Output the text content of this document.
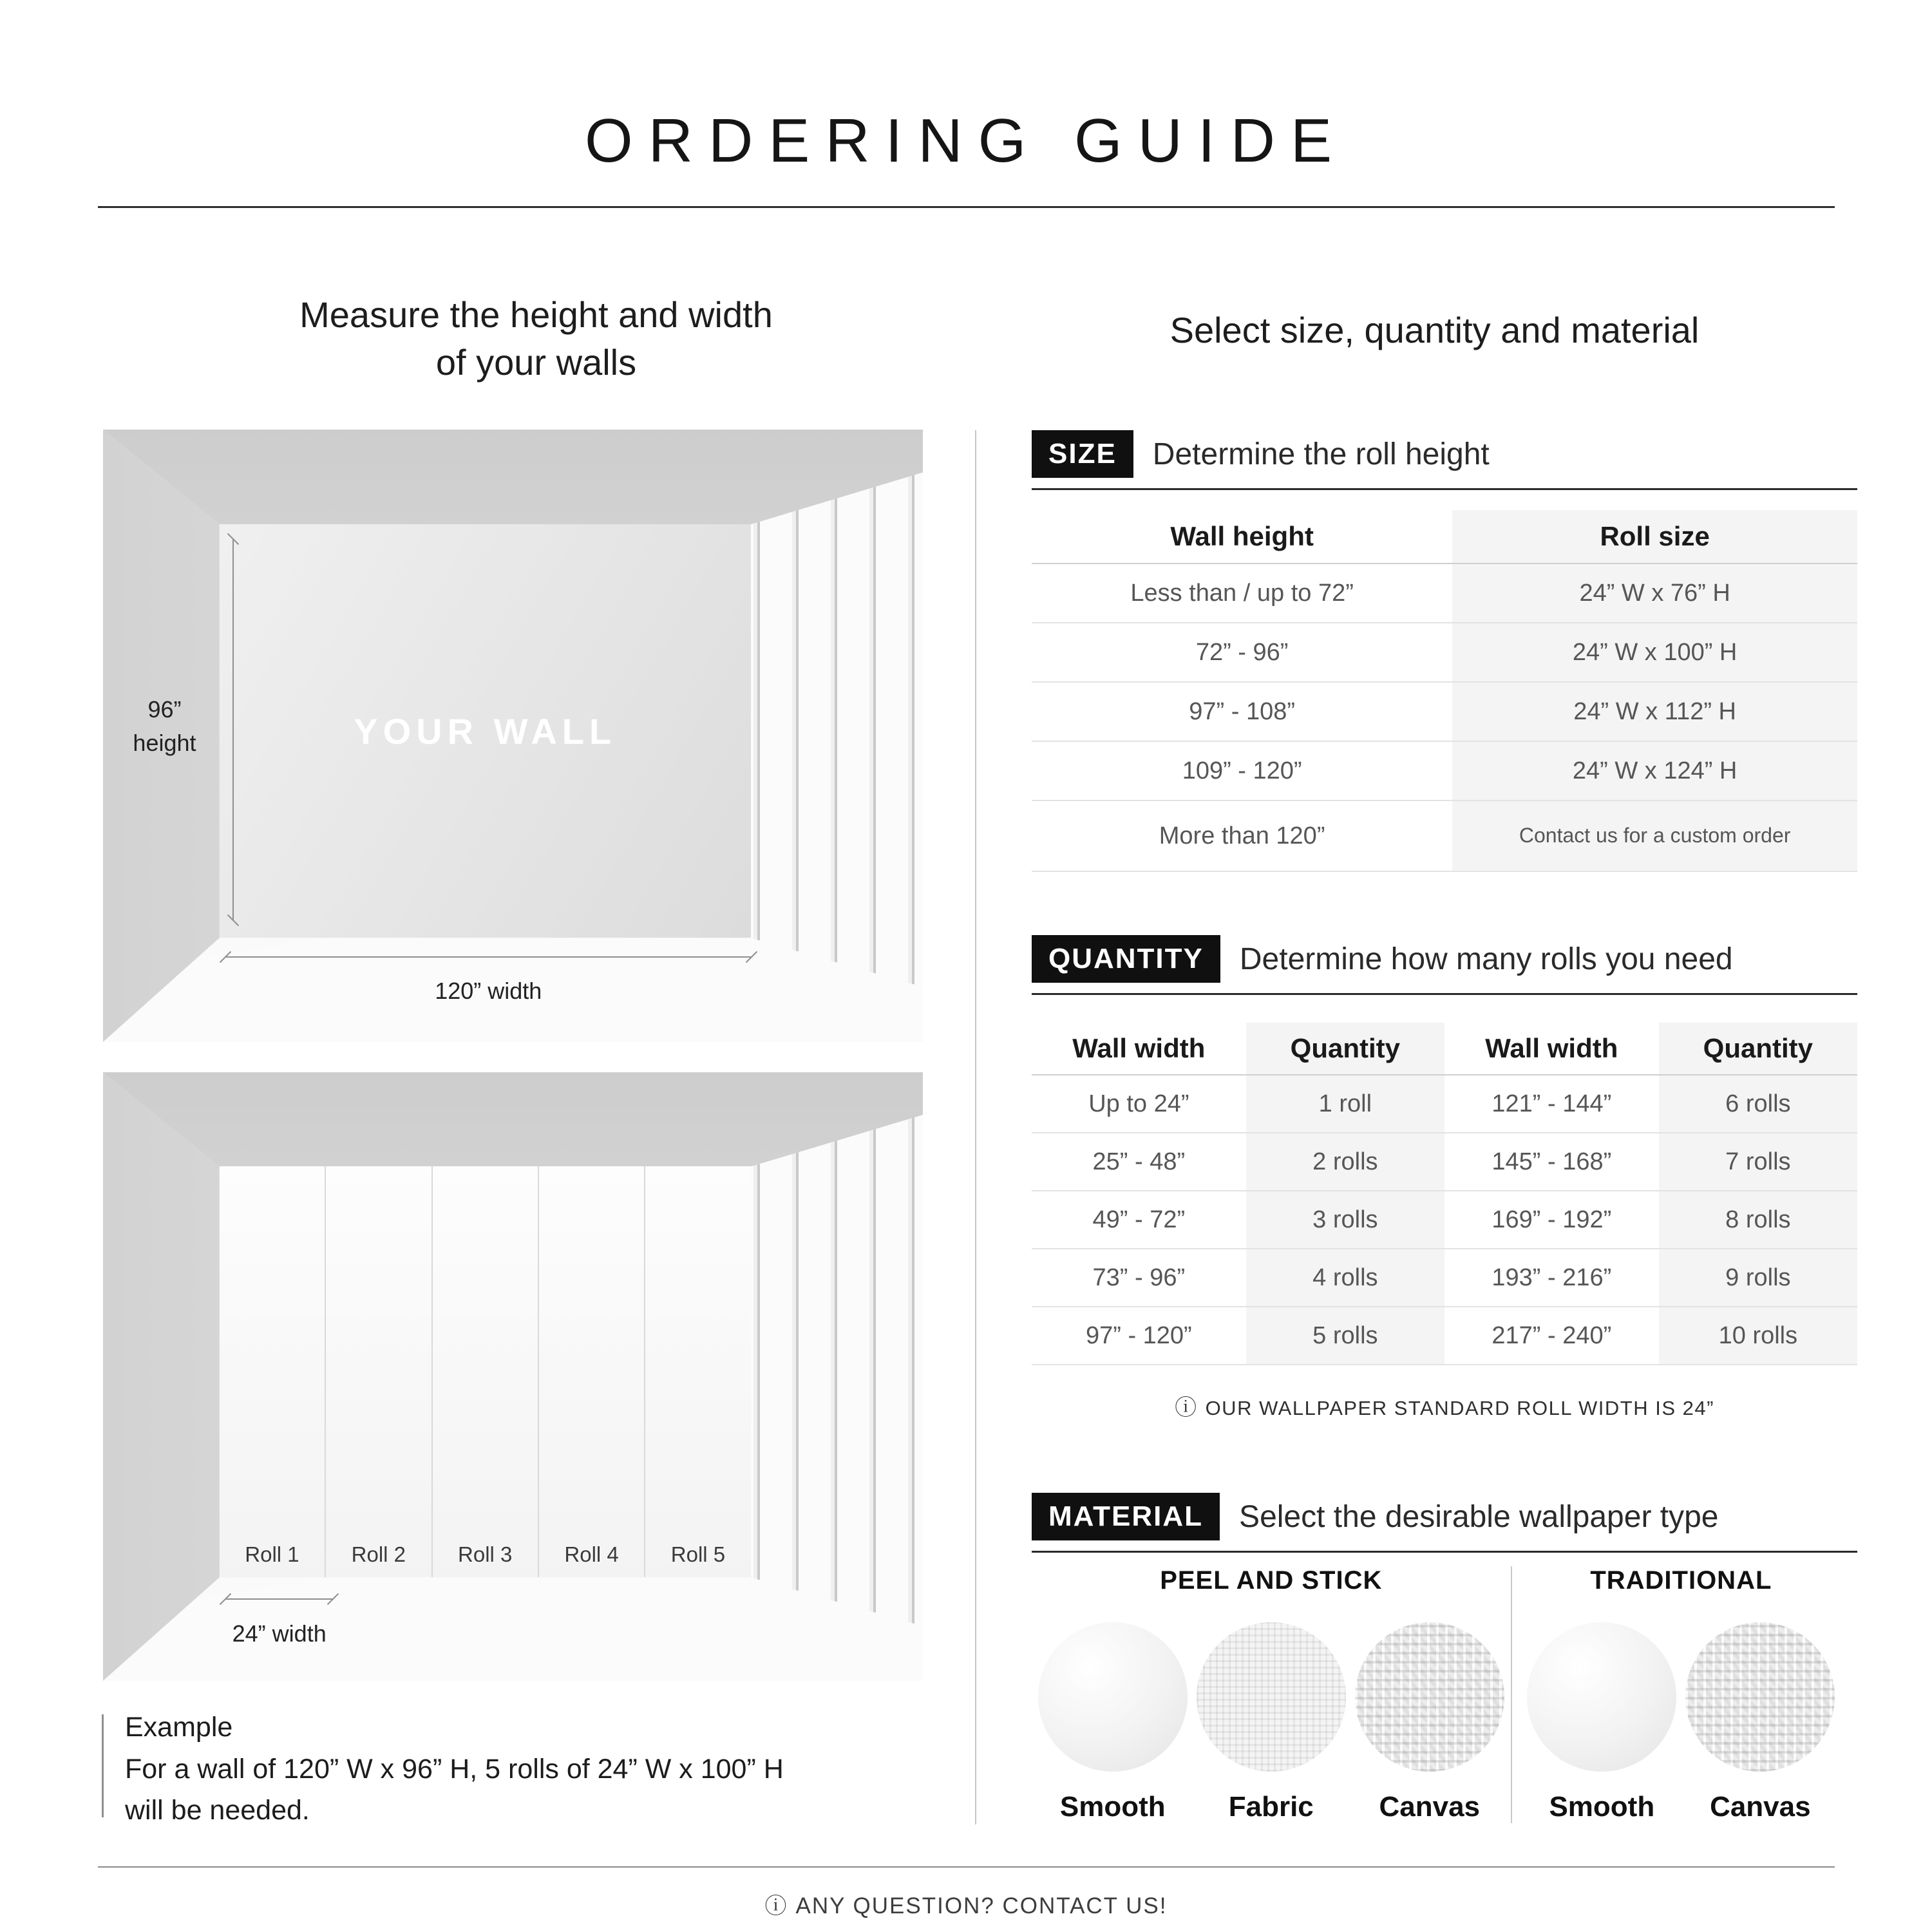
ORDERING GUIDE
Measure the height and width
of your walls
Select size, quantity and material
YOUR WALL
96”
height
120” width
Roll 1 Roll 2 Roll 3 Roll 4 Roll 5
24” width
Example
For a wall of 120” W x 96” H, 5 rolls of 24” W x 100” H
will be needed.
SIZE	Determine the roll height
Wall height	Roll size
Less than / up to 72”	24” W x 76” H
72” - 96”	24” W x 100” H
97” - 108”	24” W x 112” H
109” - 120”	24” W x 124” H
More than 120”	Contact us for a custom order
QUANTITY	Determine how many rolls you need
Wall width	Quantity	Wall width	Quantity
Up to 24”	1 roll	121” - 144”	6 rolls
25” - 48”	2 rolls	145” - 168”	7 rolls
49” - 72”	3 rolls	169” - 192”	8 rolls
73” - 96”	4 rolls	193” - 216”	9 rolls
97” - 120”	5 rolls	217” - 240”	10 rolls
ⓘ OUR WALLPAPER STANDARD ROLL WIDTH IS 24”
MATERIAL	Select the desirable wallpaper type
PEEL AND STICK
Smooth Fabric Canvas
TRADITIONAL
Smooth Canvas
ⓘ ANY QUESTION? CONTACT US!
